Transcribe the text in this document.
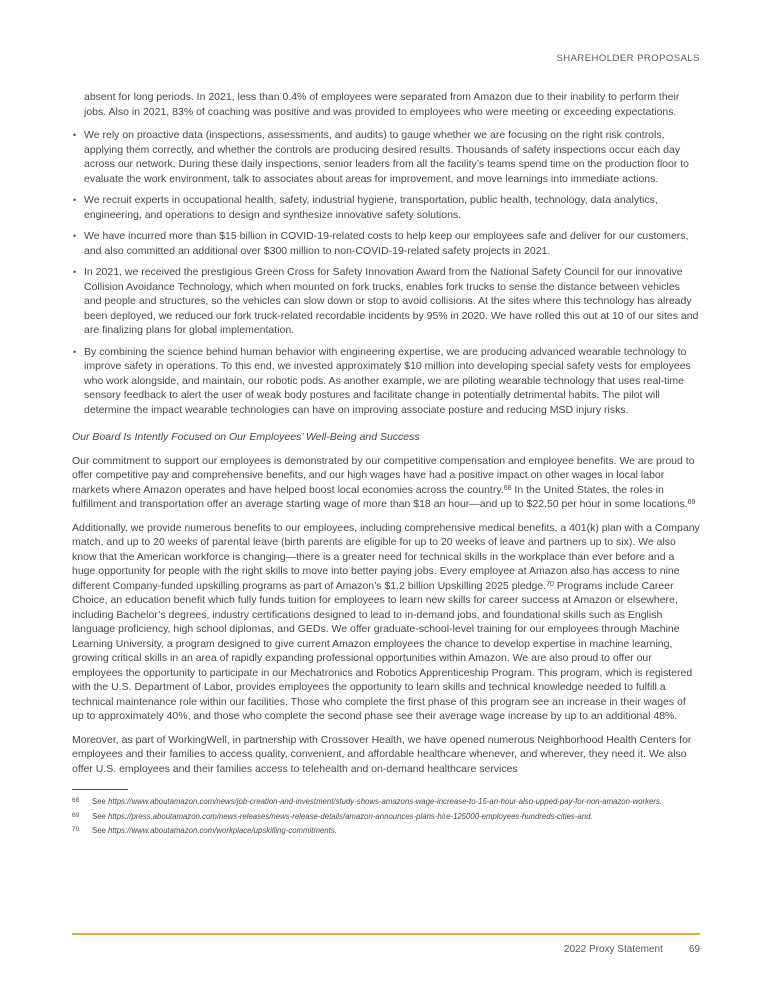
SHAREHOLDER PROPOSALS

absent for long periods. In 2021, less than 0.4% of employees were separated from Amazon due to their inability to perform their jobs. Also in 2021, 83% of coaching was positive and was provided to employees who were meeting or exceeding expectations.

• We rely on proactive data (inspections, assessments, and audits) to gauge whether we are focusing on the right risk controls, applying them correctly, and whether the controls are producing desired results. Thousands of safety inspections occur each day across our network. During these daily inspections, senior leaders from all the facility’s teams spend time on the production floor to evaluate the work environment, talk to associates about areas for improvement, and move learnings into immediate actions.
• We recruit experts in occupational health, safety, industrial hygiene, transportation, public health, technology, data analytics, engineering, and operations to design and synthesize innovative safety solutions.
• We have incurred more than $15 billion in COVID-19-related costs to help keep our employees safe and deliver for our customers, and also committed an additional over $300 million to non-COVID-19-related safety projects in 2021.
• In 2021, we received the prestigious Green Cross for Safety Innovation Award from the National Safety Council for our innovative Collision Avoidance Technology, which when mounted on fork trucks, enables fork trucks to sense the distance between vehicles and people and structures, so the vehicles can slow down or stop to avoid collisions. At the sites where this technology has already been deployed, we reduced our fork truck-related recordable incidents by 95% in 2020. We have rolled this out at 10 of our sites and are finalizing plans for global implementation.
• By combining the science behind human behavior with engineering expertise, we are producing advanced wearable technology to improve safety in operations. To this end, we invested approximately $10 million into developing special safety vests for employees who work alongside, and maintain, our robotic pods. As another example, we are piloting wearable technology that uses real-time sensory feedback to alert the user of weak body postures and facilitate change in potentially detrimental habits. The pilot will determine the impact wearable technologies can have on improving associate posture and reducing MSD injury risks.
Our Board Is Intently Focused on Our Employees’ Well-Being and Success

Our commitment to support our employees is demonstrated by our competitive compensation and employee benefits. We are proud to offer competitive pay and comprehensive benefits, and our high wages have had a positive impact on other wages in local labor markets where Amazon operates and have helped boost local economies across the country.$^{68}$ In the United States, the roles in fulfillment and transportation offer an average starting wage of more than $18 an hour—and up to $22.50 per hour in some locations.$^{69}$

Additionally, we provide numerous benefits to our employees, including comprehensive medical benefits, a 401(k) plan with a Company match, and up to 20 weeks of parental leave (birth parents are eligible for up to 20 weeks of leave and partners up to six). We also know that the American workforce is changing—there is a greater need for technical skills in the workplace than ever before and a huge opportunity for people with the right skills to move into better paying jobs. Every employee at Amazon also has access to nine different Company-funded upskilling programs as part of Amazon’s $1.2 billion Upskilling 2025 pledge.$^{70}$ Programs include Career Choice, an education benefit which fully funds tuition for employees to learn new skills for career success at Amazon or elsewhere, including Bachelor’s degrees, industry certifications designed to lead to in-demand jobs, and foundational skills such as English language proficiency, high school diplomas, and GEDs. We offer graduate-school-level training for our employees through Machine Learning University, a program designed to give current Amazon employees the chance to develop expertise in machine learning, growing critical skills in an area of rapidly expanding professional opportunities within Amazon. We are also proud to offer our employees the opportunity to participate in our Mechatronics and Robotics Apprenticeship Program. This program, which is registered with the U.S. Department of Labor, provides employees the opportunity to learn skills and technical knowledge needed to fulfill a technical maintenance role within our facilities. Those who complete the first phase of this program see an increase in their wages of up to approximately 40%, and those who complete the second phase see their average wage increase by up to an additional 48%.

Moreover, as part of WorkingWell, in partnership with Crossover Health, we have opened numerous Neighborhood Health Centers for employees and their families to access quality, convenient, and affordable healthcare whenever, and wherever, they need it. We also offer U.S. employees and their families access to telehealth and on-demand healthcare services

68 See https://www.aboutamazon.com/news/job-creation-and-investment/study-shows-amazons-wage-increase-to-15-an-hour-also-upped-pay-for-non-amazon-workers.
69 See https://press.aboutamazon.com/news-releases/news-release-details/amazon-announces-plans-hire-125000-employees-hundreds-cities-and.
70 See https://www.aboutamazon.com/workplace/upskilling-commitments.
2022 Proxy Statement	69
